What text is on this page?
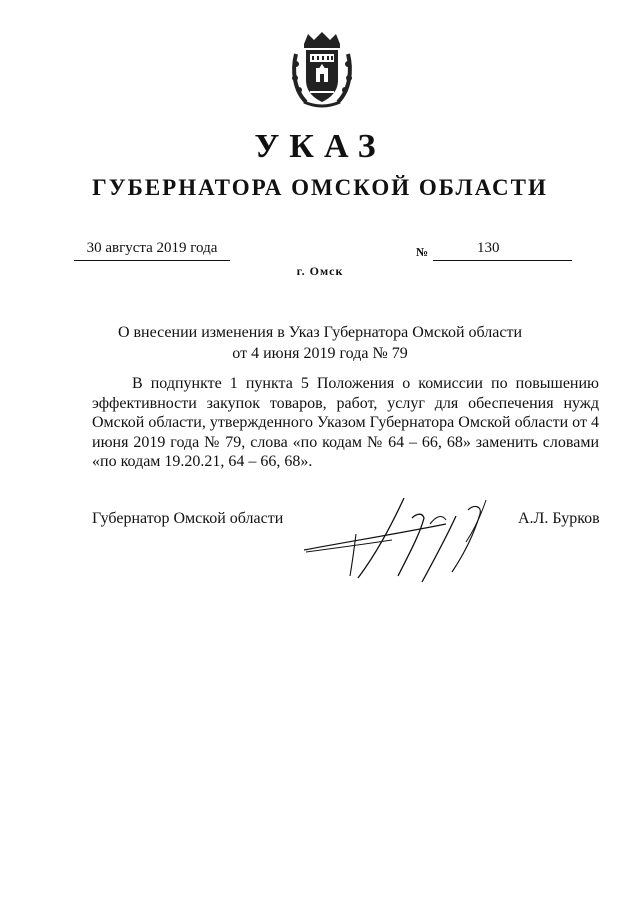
УКАЗ
ГУБЕРНАТОРА ОМСКОЙ ОБЛАСТИ
30 августа 2019 года	№	130
г. Омск
О внесении изменения в Указ Губернатора Омской области
от 4 июня 2019 года № 79

В подпункте 1 пункта 5 Положения о комиссии по повышению эффективности закупок товаров, работ, услуг для обеспечения нужд Омской области, утвержденного Указом Губернатора Омской области от 4 июня 2019 года № 79, слова «по кодам № 64 – 66, 68» заменить словами «по кодам 19.20.21, 64 – 66, 68».

Губернатор Омской области	А.Л. Бурков
